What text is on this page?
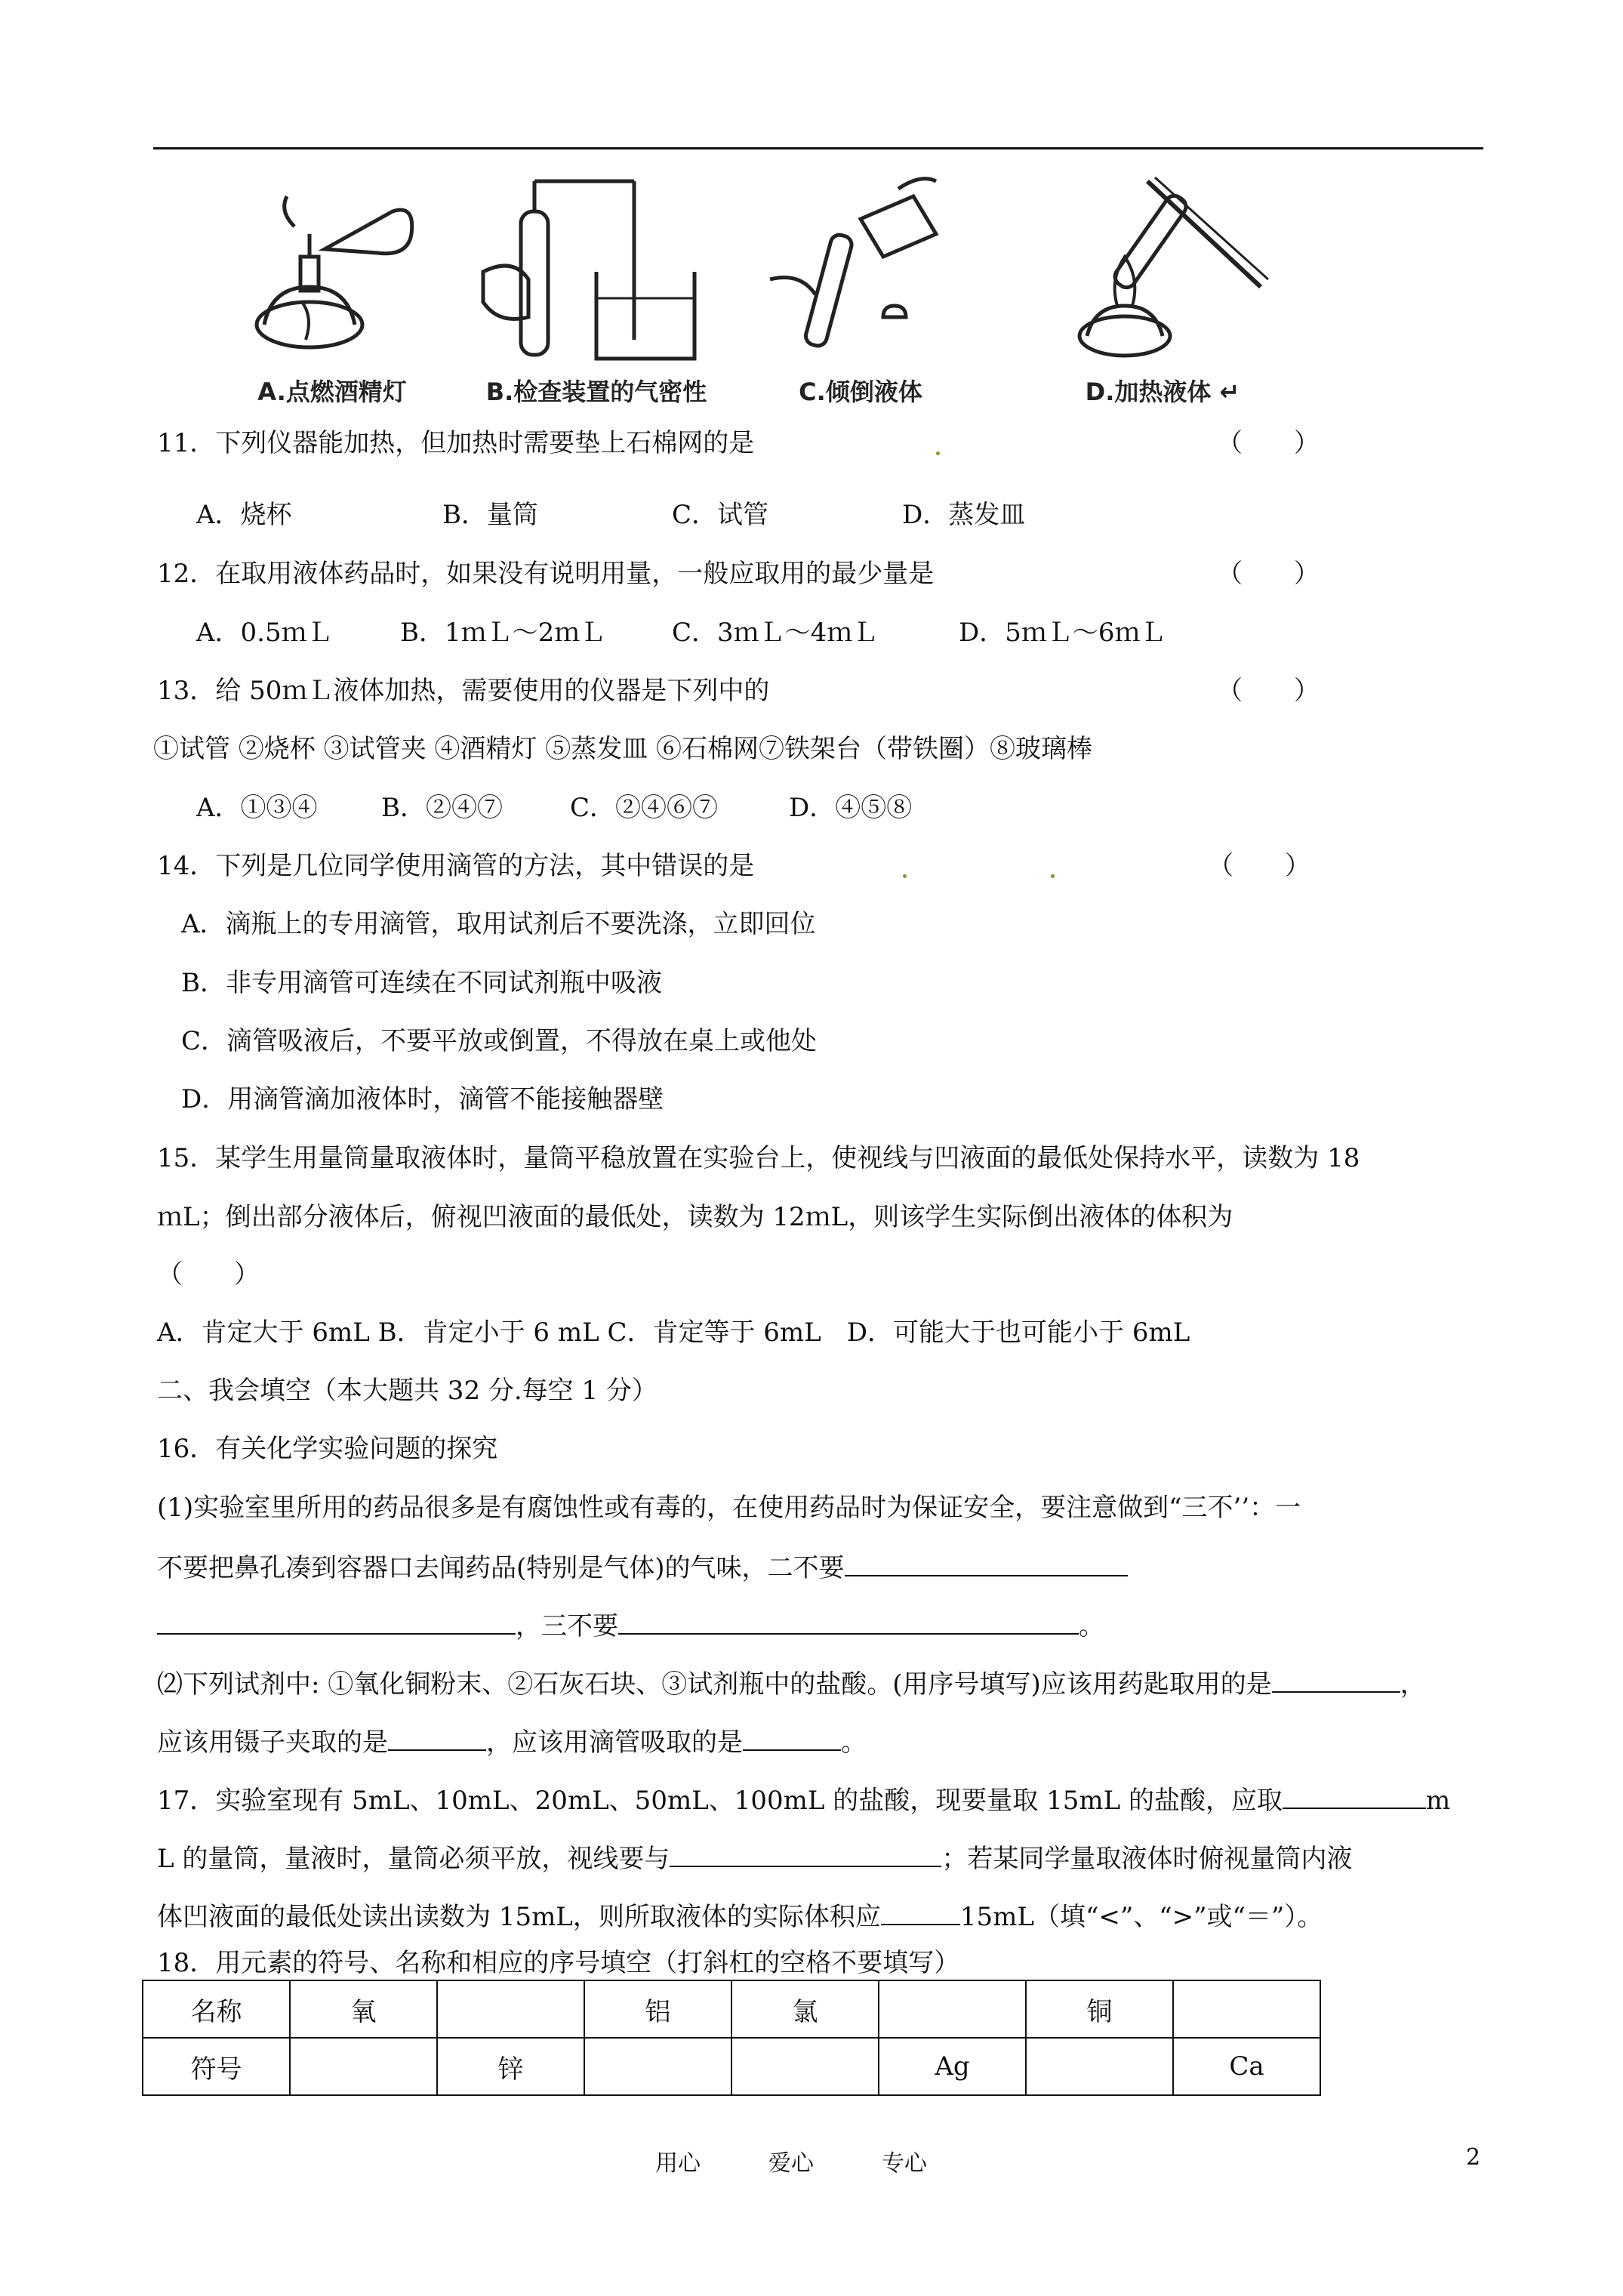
A.点燃酒精灯	B.检查装置的气密性	C.倾倒液体	D.加热液体 ↵
11．下列仪器能加热，但加热时需要垫上石棉网的是	（　　）
A．烧杯	B．量筒	C．试管	D．蒸发皿
12．在取用液体药品时，如果没有说明用量，一般应取用的最少量是	（　　）
A．0.5ｍＬ	B．1ｍＬ～2ｍＬ	C．3ｍＬ～4ｍＬ	D．5ｍＬ～6ｍＬ
13．给 50ｍＬ液体加热，需要使用的仪器是下列中的	（　　）
①试管 ②烧杯 ③试管夹 ④酒精灯 ⑤蒸发皿 ⑥石棉网⑦铁架台（带铁圈）⑧玻璃棒
A．①③④ B．②④⑦	C．②④⑥⑦	D．④⑤⑧
14．下列是几位同学使用滴管的方法，其中错误的是	（　　）
A．滴瓶上的专用滴管，取用试剂后不要洗涤，立即回位
B．非专用滴管可连续在不同试剂瓶中吸液
C．滴管吸液后，不要平放或倒置，不得放在桌上或他处
D．用滴管滴加液体时，滴管不能接触器壁
15．某学生用量筒量取液体时，量筒平稳放置在实验台上，使视线与凹液面的最低处保持水平，读数为 18
ｍL；倒出部分液体后，俯视凹液面的最低处，读数为 12ｍL，则该学生实际倒出液体的体积为
（　　）
A．肯定大于 6mL B．肯定小于 6 mL C．肯定等于 6mL　D．可能大于也可能小于 6mL
二、我会填空（本大题共 32 分.每空 1 分）
16．有关化学实验问题的探究
(1)实验室里所用的药品很多是有腐蚀性或有毒的，在使用药品时为保证安全，要注意做到“三不’’：一
不要把鼻孔凑到容器口去闻药品(特别是气体)的气味，二不要
，三不要	。
⑵下列试剂中: ①氧化铜粉末、②石灰石块、③试剂瓶中的盐酸。(用序号填写)应该用药匙取用的是	，
应该用镊子夹取的是	，应该用滴管吸取的是	。
17．实验室现有 5mL、10mL、20mL、50mL、100mL 的盐酸，现要量取 15mL 的盐酸，应取	m
L 的量筒，量液时，量筒必须平放，视线要与	；若某同学量取液体时俯视量筒内液
体凹液面的最低处读出读数为 15mL，则所取液体的实际体积应	15mL（填“<”、“>”或“＝”）。
18．用元素的符号、名称和相应的序号填空（打斜杠的空格不要填写）
名称	氧		铝	氯		铜	
符号		锌			Ag		Ca
用心	爱心	专心	2
